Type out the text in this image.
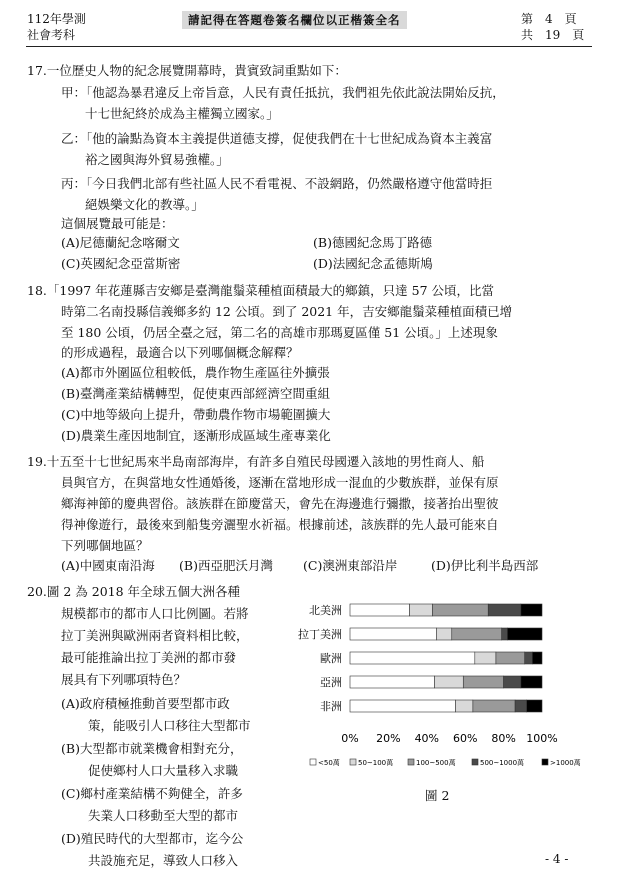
112年學測
社會考科
請記得在答題卷簽名欄位以正楷簽全名	第　4　頁
共　19　頁
17.一位歷史人物的紀念展覽開幕時，貴賓致詞重點如下：
甲：「他認為暴君違反上帝旨意，人民有責任抵抗，我們祖先依此說法開始反抗，
十七世紀終於成為主權獨立國家。」
乙：「他的論點為資本主義提供道德支撐，促使我們在十七世紀成為資本主義富
裕之國與海外貿易強權。」
丙：「今日我們北部有些社區人民不看電視、不設網路，仍然嚴格遵守他當時拒
絕娛樂文化的教導。」
這個展覽最可能是：
(A)尼德蘭紀念喀爾文	(B)德國紀念馬丁路德
(C)英國紀念亞當斯密	(D)法國紀念孟德斯鳩
18.「1997 年花蓮縣吉安鄉是臺灣龍鬚菜種植面積最大的鄉鎮，只達 57 公頃，比當
時第二名南投縣信義鄉多約 12 公頃。到了 2021 年，吉安鄉龍鬚菜種植面積已增
至 180 公頃，仍居全臺之冠，第二名的高雄市那瑪夏區僅 51 公頃。」上述現象
的形成過程，最適合以下列哪個概念解釋？
(A)都市外圍區位租較低，農作物生產區往外擴張
(B)臺灣產業結構轉型，促使東西部經濟空間重組
(C)中地等級向上提升，帶動農作物市場範圍擴大
(D)農業生產因地制宜，逐漸形成區域生產專業化
19.十五至十七世紀馬來半島南部海岸，有許多自殖民母國遷入該地的男性商人、船
員與官方，在與當地女性通婚後，逐漸在當地形成一混血的少數族群，並保有原
鄉海神節的慶典習俗。該族群在節慶當天，會先在海邊進行彌撒，接著抬出聖彼
得神像遊行，最後來到船隻旁灑聖水祈福。根據前述，該族群的先人最可能來自
下列哪個地區？
(A)中國東南沿海 (B)西亞肥沃月灣 (C)澳洲東部沿岸	(D)伊比利半島西部
20.圖 2 為 2018 年全球五個大洲各種
規模都市的都市人口比例圖。若將
拉丁美洲與歐洲兩者資料相比較，
最可能推論出拉丁美洲的都市發
展具有下列哪項特色？
(A)政府積極推動首要型都市政
策，能吸引人口移往大型都市
(B)大型都市就業機會相對充分，
促使鄉村人口大量移入求職
(C)鄉村產業結構不夠健全，許多
失業人口移動至大型的都市
(D)殖民時代的大型都市，迄今公
共設施充足，導致人口移入
北美洲
拉丁美洲
歐洲
亞洲
非洲
0% 20% 40% 60% 80% 100%
<50萬	50~100萬	100~500萬	500~1000萬	>1000萬
圖 2
- 4 -
